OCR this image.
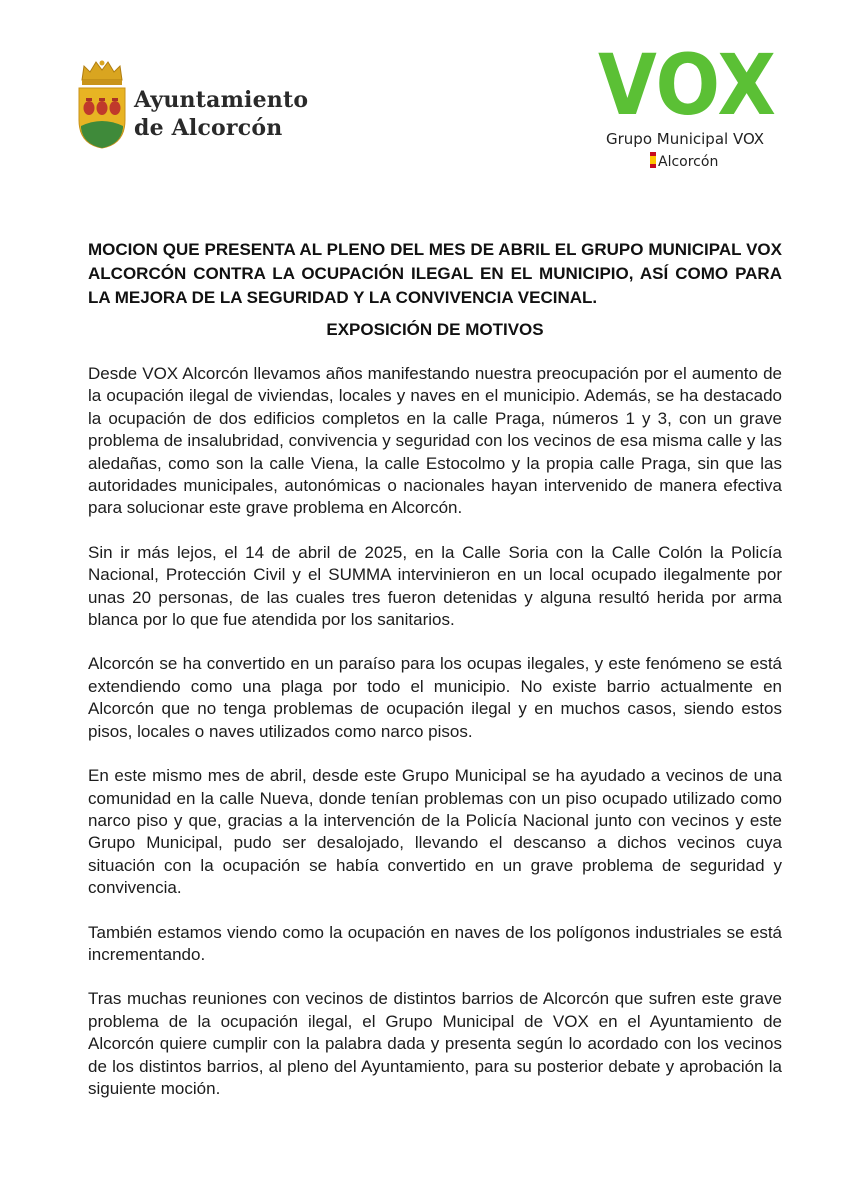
Ayuntamiento
de Alcorcón	VOX
Grupo Municipal VOX
Alcorcón
MOCION QUE PRESENTA AL PLENO DEL MES DE ABRIL EL GRUPO MUNICIPAL VOX ALCORCÓN CONTRA LA OCUPACIÓN ILEGAL EN EL MUNICIPIO, ASÍ COMO PARA LA MEJORA DE LA SEGURIDAD Y LA CONVIVENCIA VECINAL.
EXPOSICIÓN DE MOTIVOS

Desde VOX Alcorcón llevamos años manifestando nuestra preocupación por el aumento de la ocupación ilegal de viviendas, locales y naves en el municipio. Además, se ha destacado la ocupación de dos edificios completos en la calle Praga, números 1 y 3, con un grave problema de insalubridad, convivencia y seguridad con los vecinos de esa misma calle y las aledañas, como son la calle Viena, la calle Estocolmo y la propia calle Praga, sin que las autoridades municipales, autonómicas o nacionales hayan intervenido de manera efectiva para solucionar este grave problema en Alcorcón.

Sin ir más lejos, el 14 de abril de 2025, en la Calle Soria con la Calle Colón la Policía Nacional, Protección Civil y el SUMMA intervinieron en un local ocupado ilegalmente por unas 20 personas, de las cuales tres fueron detenidas y alguna resultó herida por arma blanca por lo que fue atendida por los sanitarios.

Alcorcón se ha convertido en un paraíso para los ocupas ilegales, y este fenómeno se está extendiendo como una plaga por todo el municipio. No existe barrio actualmente en Alcorcón que no tenga problemas de ocupación ilegal y en muchos casos, siendo estos pisos, locales o naves utilizados como narco pisos.

En este mismo mes de abril, desde este Grupo Municipal se ha ayudado a vecinos de una comunidad en la calle Nueva, donde tenían problemas con un piso ocupado utilizado como narco piso y que, gracias a la intervención de la Policía Nacional junto con vecinos y este Grupo Municipal, pudo ser desalojado, llevando el descanso a dichos vecinos cuya situación con la ocupación se había convertido en un grave problema de seguridad y convivencia.

También estamos viendo como la ocupación en naves de los polígonos industriales se está incrementando.

Tras muchas reuniones con vecinos de distintos barrios de Alcorcón que sufren este grave problema de la ocupación ilegal, el Grupo Municipal de VOX en el Ayuntamiento de Alcorcón quiere cumplir con la palabra dada y presenta según lo acordado con los vecinos de los distintos barrios, al pleno del Ayuntamiento, para su posterior debate y aprobación la siguiente moción.
